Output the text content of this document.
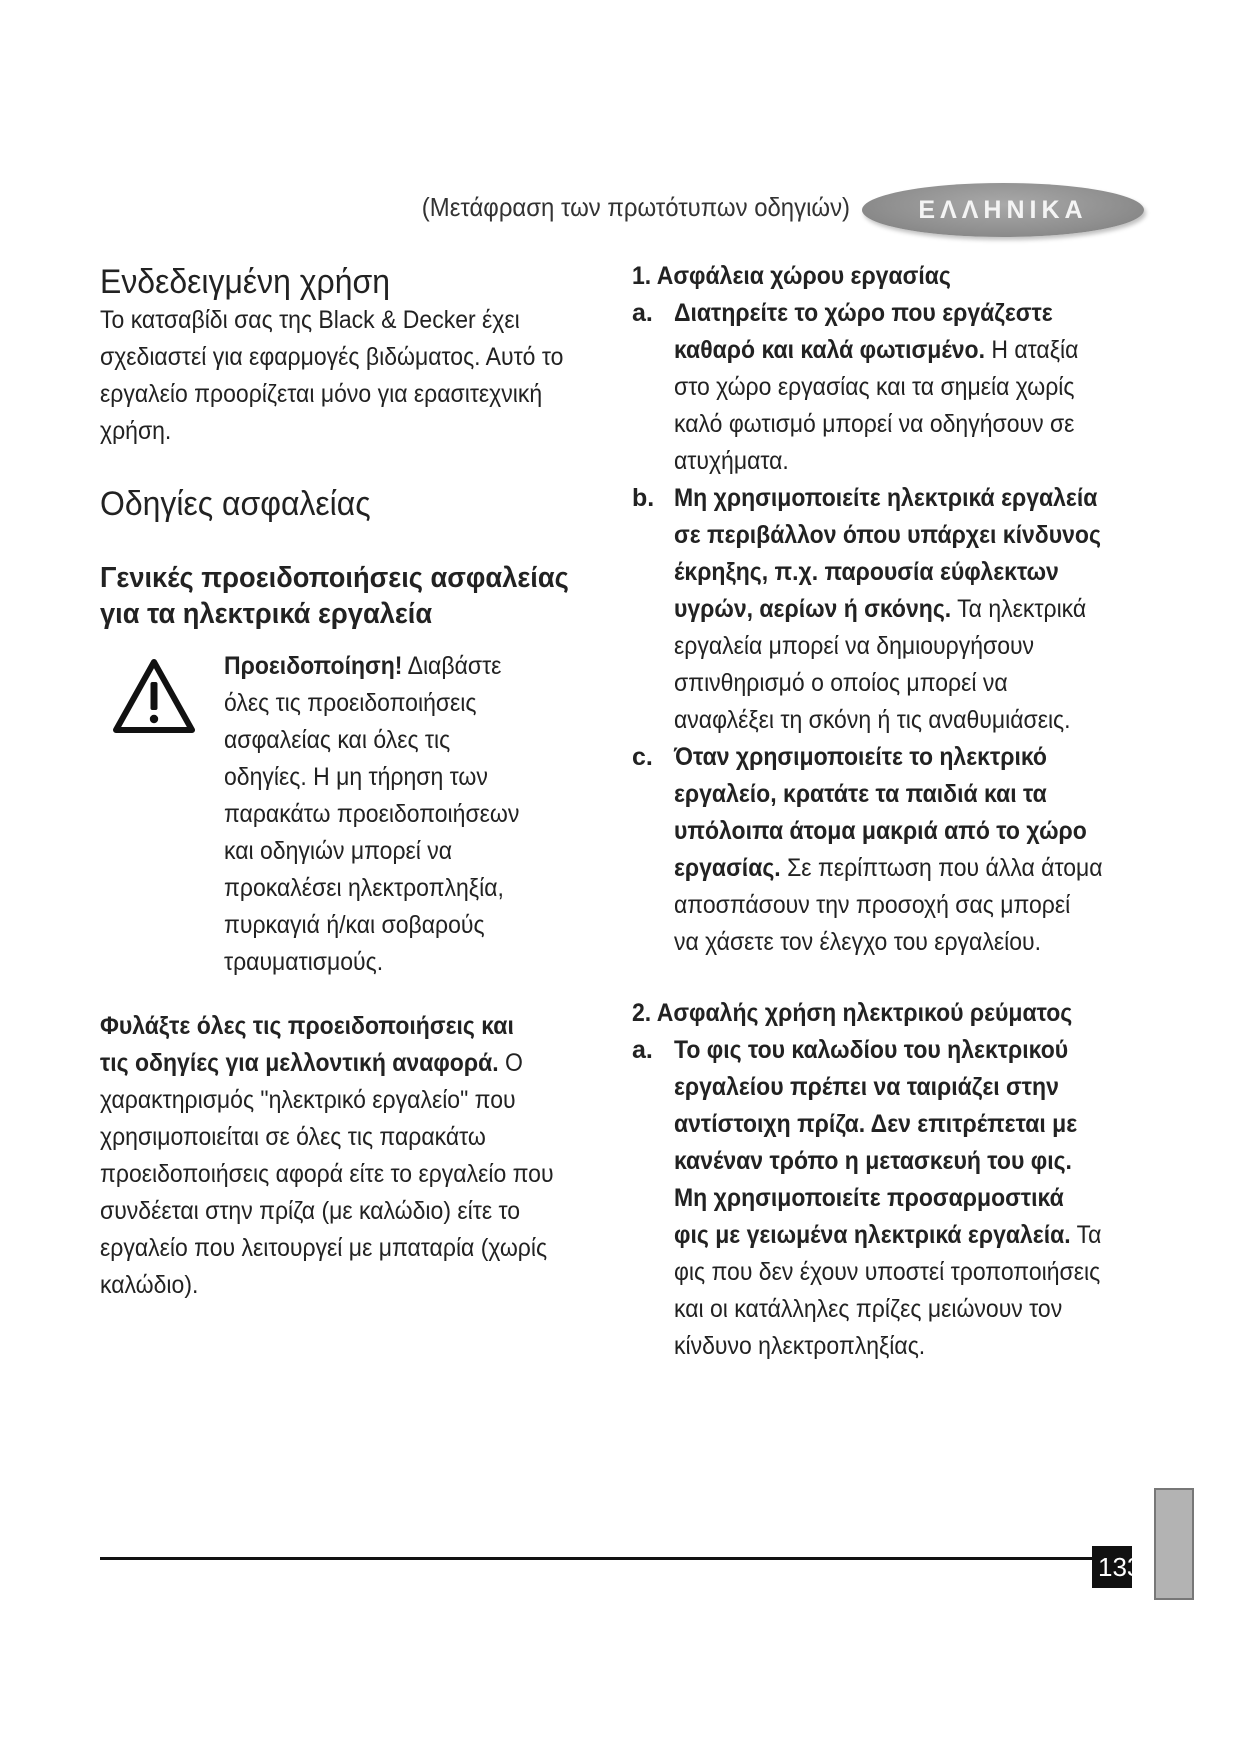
(Μετάφραση των πρωτότυπων οδηγιών)	ΕΛΛΗΝΙΚΑ
Ενδεδειγμένη χρήση

Το κατσαβίδι σας της Black & Decker έχει

σχεδιαστεί για εφαρμογές βιδώματος. Αυτό το

εργαλείο προορίζεται μόνο για ερασιτεχνική

χρήση.

Οδηγίες ασφαλείας
Γενικές προειδοποιήσεις ασφαλείας
για τα ηλεκτρικά εργαλεία

Προειδοποίηση! Διαβάστε

όλες τις προειδοποιήσεις

ασφαλείας και όλες τις

οδηγίες. Η μη τήρηση των

παρακάτω προειδοποιήσεων

και οδηγιών μπορεί να

προκαλέσει ηλεκτροπληξία,

πυρκαγιά ή/και σοβαρούς

τραυματισμούς.

Φυλάξτε όλες τις προειδοποιήσεις και

τις οδηγίες για μελλοντική αναφορά. Ο

χαρακτηρισμός "ηλεκτρικό εργαλείο" που

χρησιμοποιείται σε όλες τις παρακάτω

προειδοποιήσεις αφορά είτε το εργαλείο που

συνδέεται στην πρίζα (με καλώδιο) είτε το

εργαλείο που λειτουργεί με μπαταρία (χωρίς

καλώδιο).

1. Ασφάλεια χώρου εργασίας

a. Διατηρείτε το χώρο που εργάζεστε

καθαρό και καλά φωτισμένο. Η αταξία

στο χώρο εργασίας και τα σημεία χωρίς

καλό φωτισμό μπορεί να οδηγήσουν σε

ατυχήματα.

b. Μη χρησιμοποιείτε ηλεκτρικά εργαλεία

σε περιβάλλον όπου υπάρχει κίνδυνος

έκρηξης, π.χ. παρουσία εύφλεκτων

υγρών, αερίων ή σκόνης. Τα ηλεκτρικά

εργαλεία μπορεί να δημιουργήσουν

σπινθηρισμό ο οποίος μπορεί να

αναφλέξει τη σκόνη ή τις αναθυμιάσεις.

c. Όταν χρησιμοποιείτε το ηλεκτρικό

εργαλείο, κρατάτε τα παιδιά και τα

υπόλοιπα άτομα μακριά από το χώρο

εργασίας. Σε περίπτωση που άλλα άτομα

αποσπάσουν την προσοχή σας μπορεί

να χάσετε τον έλεγχο του εργαλείου.

2. Ασφαλής χρήση ηλεκτρικού ρεύματος

a. Το φις του καλωδίου του ηλεκτρικού

εργαλείου πρέπει να ταιριάζει στην

αντίστοιχη πρίζα. Δεν επιτρέπεται με

κανέναν τρόπο η μετασκευή του φις.

Μη χρησιμοποιείτε προσαρμοστικά

φις με γειωμένα ηλεκτρικά εργαλεία. Τα

φις που δεν έχουν υποστεί τροποποιήσεις

και οι κατάλληλες πρίζες μειώνουν τον

κίνδυνο ηλεκτροπληξίας.

133
